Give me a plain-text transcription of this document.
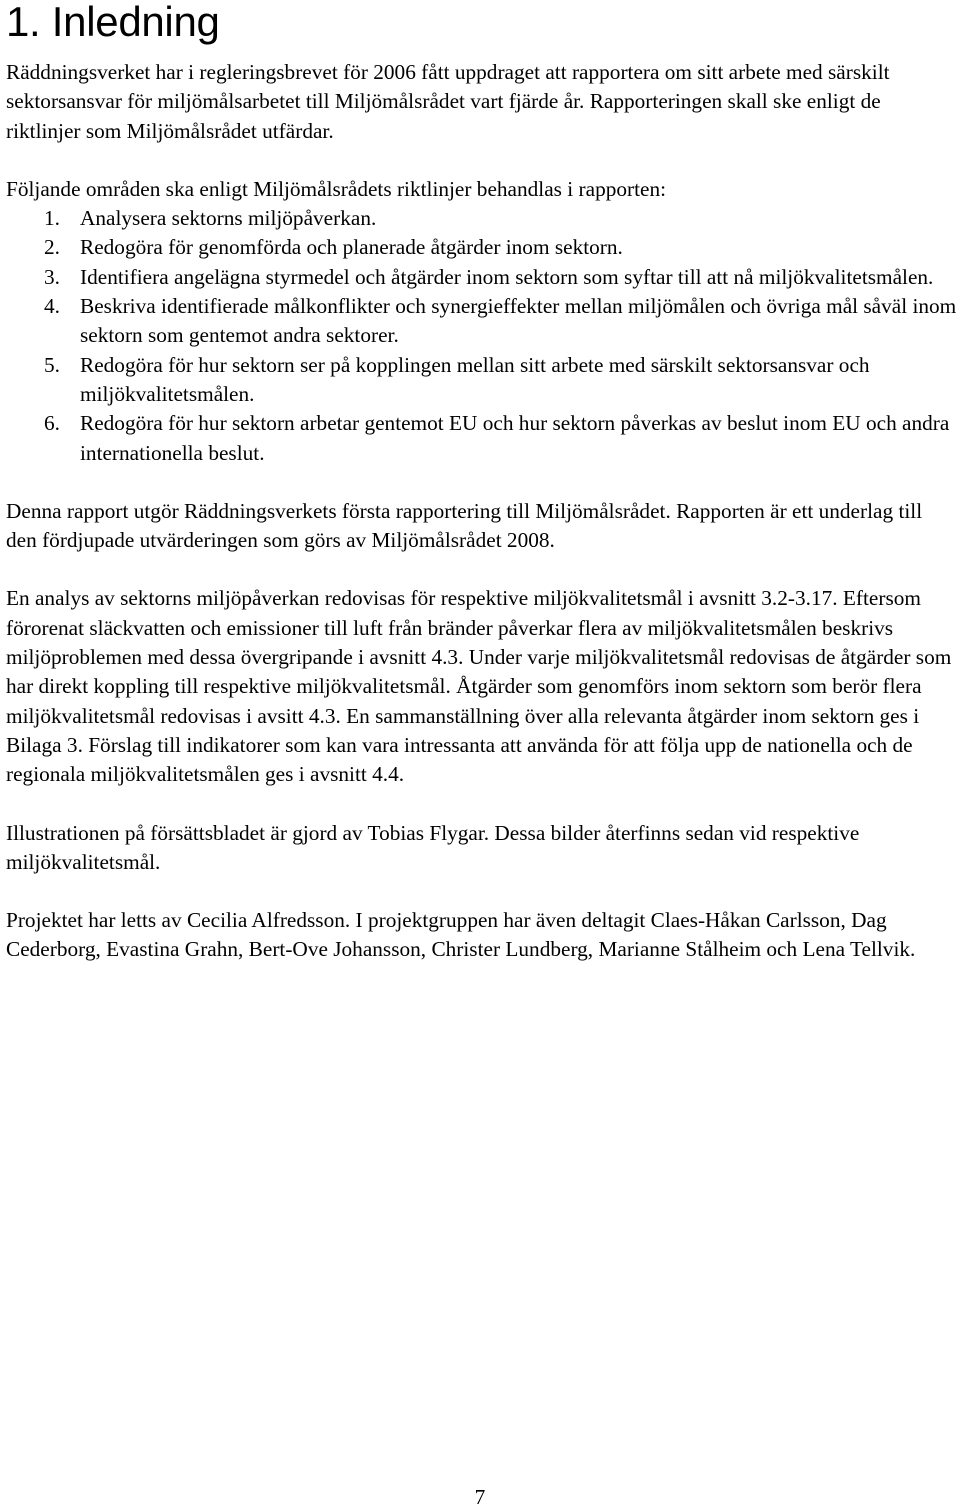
1. Inledning

Räddningsverket har i regleringsbrevet för 2006 fått uppdraget att rapportera om sitt arbete med särskilt sektorsansvar för miljömålsarbetet till Miljömålsrådet vart fjärde år. Rapporteringen skall ske enligt de riktlinjer som Miljömålsrådet utfärdar.

Följande områden ska enligt Miljömålsrådets riktlinjer behandlas i rapporten:

1. Analysera sektorns miljöpåverkan.
2. Redogöra för genomförda och planerade åtgärder inom sektorn.
3. Identifiera angelägna styrmedel och åtgärder inom sektorn som syftar till att nå miljökvalitetsmålen.
4. Beskriva identifierade målkonflikter och synergieffekter mellan miljömålen och övriga mål såväl inom sektorn som gentemot andra sektorer.
5. Redogöra för hur sektorn ser på kopplingen mellan sitt arbete med särskilt sektorsansvar och miljökvalitetsmålen.
6. Redogöra för hur sektorn arbetar gentemot EU och hur sektorn påverkas av beslut inom EU och andra internationella beslut.

Denna rapport utgör Räddningsverkets första rapportering till Miljömålsrådet. Rapporten är ett underlag till den fördjupade utvärderingen som görs av Miljömålsrådet 2008.

En analys av sektorns miljöpåverkan redovisas för respektive miljökvalitetsmål i avsnitt 3.2-3.17. Eftersom förorenat släckvatten och emissioner till luft från bränder påverkar flera av miljökvalitetsmålen beskrivs miljöproblemen med dessa övergripande i avsnitt 4.3. Under varje miljökvalitetsmål redovisas de åtgärder som har direkt koppling till respektive miljökvalitetsmål. Åtgärder som genomförs inom sektorn som berör flera miljökvalitetsmål redovisas i avsitt 4.3. En sammanställning över alla relevanta åtgärder inom sektorn ges i Bilaga 3. Förslag till indikatorer som kan vara intressanta att använda för att följa upp de nationella och de regionala miljökvalitetsmålen ges i avsnitt 4.4.

Illustrationen på försättsbladet är gjord av Tobias Flygar. Dessa bilder återfinns sedan vid respektive miljökvalitetsmål.

Projektet har letts av Cecilia Alfredsson. I projektgruppen har även deltagit Claes-Håkan Carlsson, Dag Cederborg, Evastina Grahn, Bert-Ove Johansson, Christer Lundberg, Marianne Stålheim och Lena Tellvik.

7
